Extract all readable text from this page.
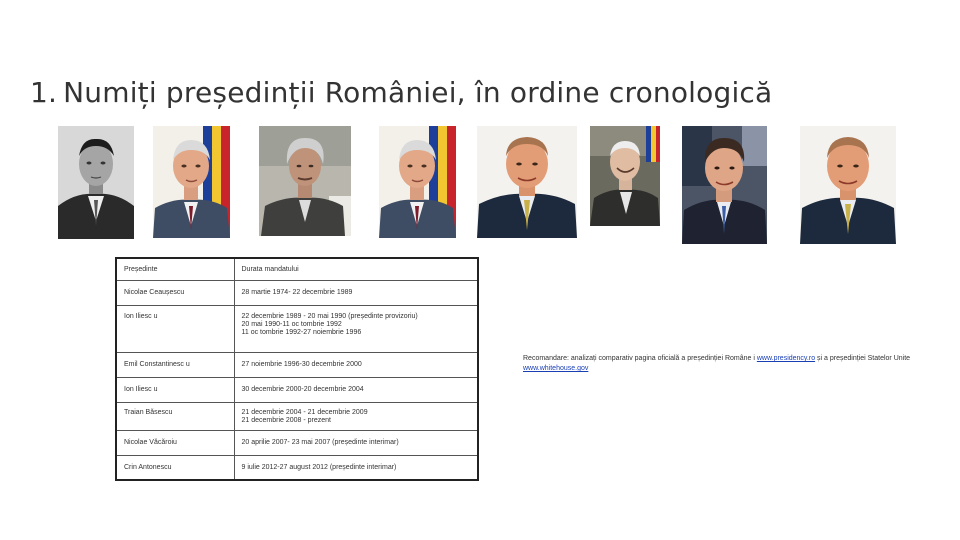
1. Numiți președinții României, în ordine cronologică
Președinte	Durata mandatului
Nicolae Ceaușescu	28 martie 1974- 22 decembrie 1989

Ion Iliesc u	22 decembrie 1989 - 20 mai 1990 (președinte provizoriu)
20 mai 1990-11 oc tombrie 1992
11 oc tombrie 1992-27 noiembrie 1996

Emil Constantinesc u	27 noiembrie 1996-30 decembrie 2000

Ion Iliesc u	30 decembrie 2000-20 decembrie 2004

Traian Băsescu	21 decembrie 2004 - 21 decembrie 2009
21 decembrie 2008 - prezent

Nicolae Văcăroiu	20 aprilie 2007- 23 mai 2007 (președinte interimar)

Crin Antonescu	9 iulie 2012-27 august 2012 (președinte interimar)
Recomandare: analizați comparativ pagina oficială a președinției Române i www.presidency.ro și a președinției Statelor Unite www.whitehouse.gov
